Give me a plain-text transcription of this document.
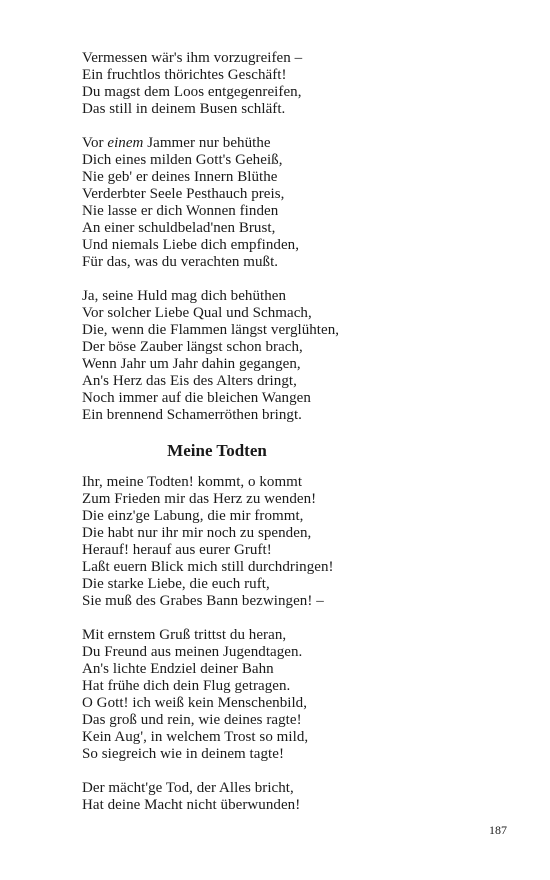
Vermessen wär's ihm vorzugreifen –
Ein fruchtlos thörichtes Geschäft!
Du magst dem Loos entgegenreifen,
Das still in deinem Busen schläft.
Vor einem Jammer nur behüthe
Dich eines milden Gott's Geheiß,
Nie geb' er deines Innern Blüthe
Verderbter Seele Pesthauch preis,
Nie lasse er dich Wonnen finden
An einer schuldbelad'nen Brust,
Und niemals Liebe dich empfinden,
Für das, was du verachten mußt.
Ja, seine Huld mag dich behüthen
Vor solcher Liebe Qual und Schmach,
Die, wenn die Flammen längst verglühten,
Der böse Zauber längst schon brach,
Wenn Jahr um Jahr dahin gegangen,
An's Herz das Eis des Alters dringt,
Noch immer auf die bleichen Wangen
Ein brennend Schamerröthen bringt.
Meine Todten
Ihr, meine Todten! kommt, o kommt
Zum Frieden mir das Herz zu wenden!
Die einz'ge Labung, die mir frommt,
Die habt nur ihr mir noch zu spenden,
Herauf! herauf aus eurer Gruft!
Laßt euern Blick mich still durchdringen!
Die starke Liebe, die euch ruft,
Sie muß des Grabes Bann bezwingen! –
Mit ernstem Gruß trittst du heran,
Du Freund aus meinen Jugendtagen.
An's lichte Endziel deiner Bahn
Hat frühe dich dein Flug getragen.
O Gott! ich weiß kein Menschenbild,
Das groß und rein, wie deines ragte!
Kein Aug', in welchem Trost so mild,
So siegreich wie in deinem tagte!
Der mächt'ge Tod, der Alles bricht,
Hat deine Macht nicht überwunden!
187
